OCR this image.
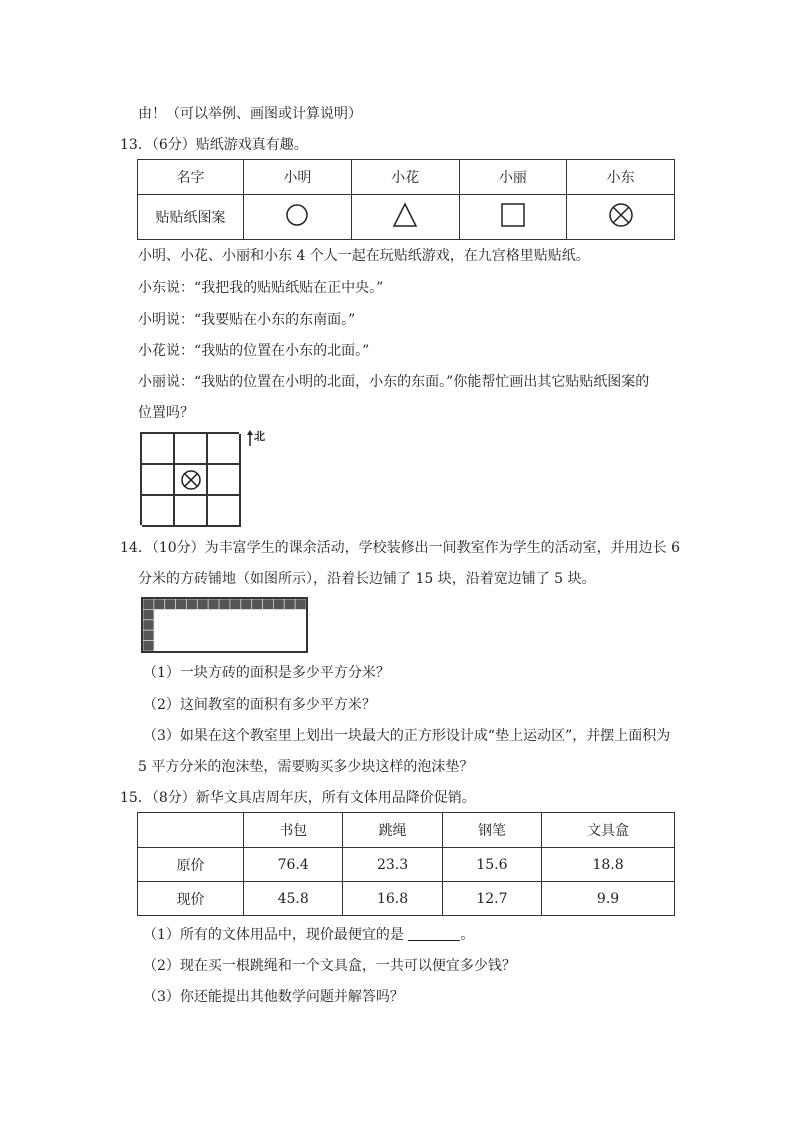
由！（可以举例、画图或计算说明）
13．（6分）贴纸游戏真有趣。
名字	小明	小花	小丽	小东
贴贴纸图案				
小明、小花、小丽和小东 4 个人一起在玩贴纸游戏，在九宫格里贴贴纸。
小东说：“我把我的贴贴纸贴在正中央。”
小明说：“我要贴在小东的东南面。”
小花说：“我贴的位置在小东的北面。”
小丽说：“我贴的位置在小明的北面，小东的东面。”你能帮忙画出其它贴贴纸图案的
位置吗？
北
14．（10分）为丰富学生的课余活动，学校装修出一间教室作为学生的活动室，并用边长 6
分米的方砖铺地（如图所示），沿着长边铺了 15 块，沿着宽边铺了 5 块。
（1）一块方砖的面积是多少平方分米？
（2）这间教室的面积有多少平方米？
（3）如果在这个教室里上划出一块最大的正方形设计成“垫上运动区”，并摆上面积为
5 平方分米的泡沫垫，需要购买多少块这样的泡沫垫？
15．（8分）新华文具店周年庆，所有文体用品降价促销。
	书包	跳绳	钢笔	文具盒
原价	76.4	23.3	15.6	18.8
现价	45.8	16.8	12.7	9.9
（1）所有的文体用品中，现价最便宜的是	。
（2）现在买一根跳绳和一个文具盒，一共可以便宜多少钱？
（3）你还能提出其他数学问题并解答吗？
